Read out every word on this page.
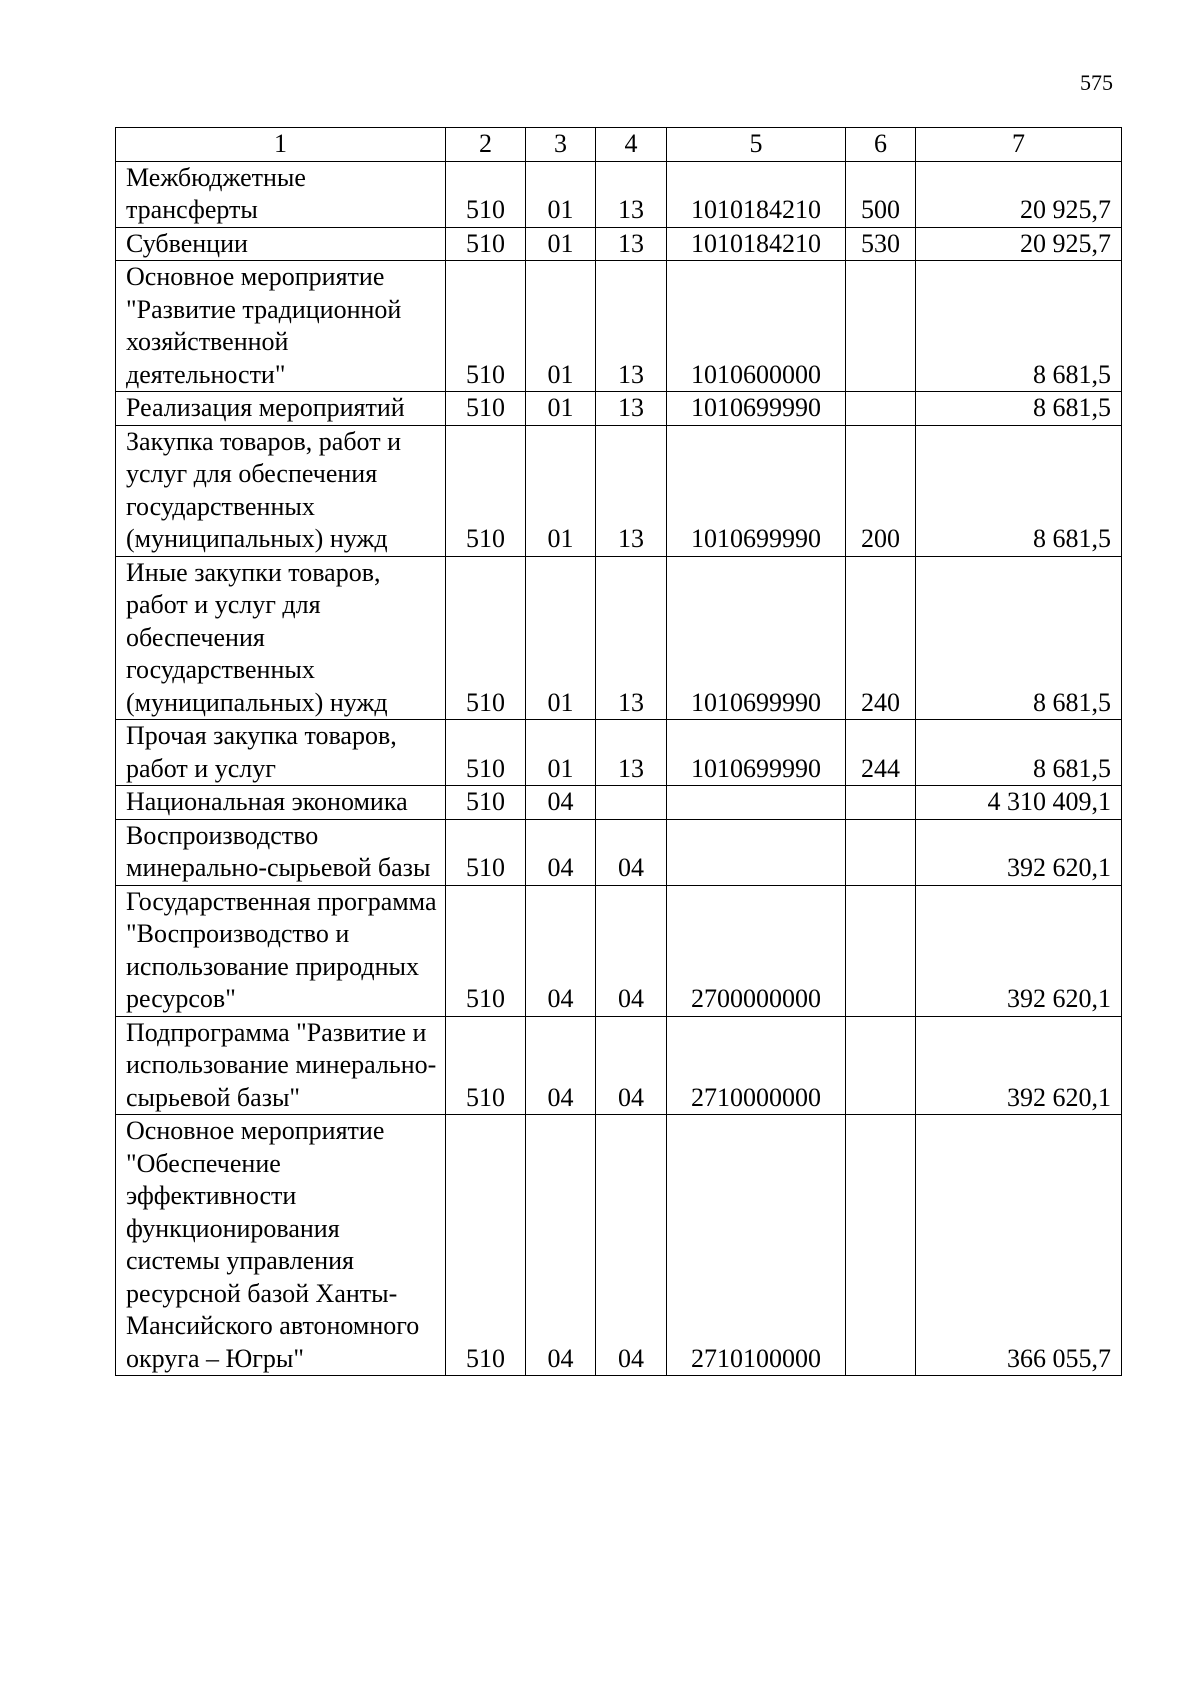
575
1	2	3	4	5	6	7
Межбюджетные трансферты	510	01	13	1010184210	500	20 925,7
Субвенции	510	01	13	1010184210	530	20 925,7
Основное мероприятие "Развитие традиционной хозяйственной деятельности"	510	01	13	1010600000		8 681,5
Реализация мероприятий	510	01	13	1010699990		8 681,5
Закупка товаров, работ и услуг для обеспечения государственных (муниципальных) нужд	510	01	13	1010699990	200	8 681,5
Иные закупки товаров, работ и услуг для обеспечения государственных (муниципальных) нужд	510	01	13	1010699990	240	8 681,5
Прочая закупка товаров, работ и услуг	510	01	13	1010699990	244	8 681,5
Национальная экономика	510	04				4 310 409,1
Воспроизводство минерально-сырьевой базы	510	04	04			392 620,1
Государственная программа "Воспроизводство и использование природных ресурсов"	510	04	04	2700000000		392 620,1
Подпрограмма "Развитие и использование минерально-сырьевой базы"	510	04	04	2710000000		392 620,1
Основное мероприятие "Обеспечение эффективности функционирования системы управления ресурсной базой Ханты-Мансийского автономного округа – Югры"	510	04	04	2710100000		366 055,7
